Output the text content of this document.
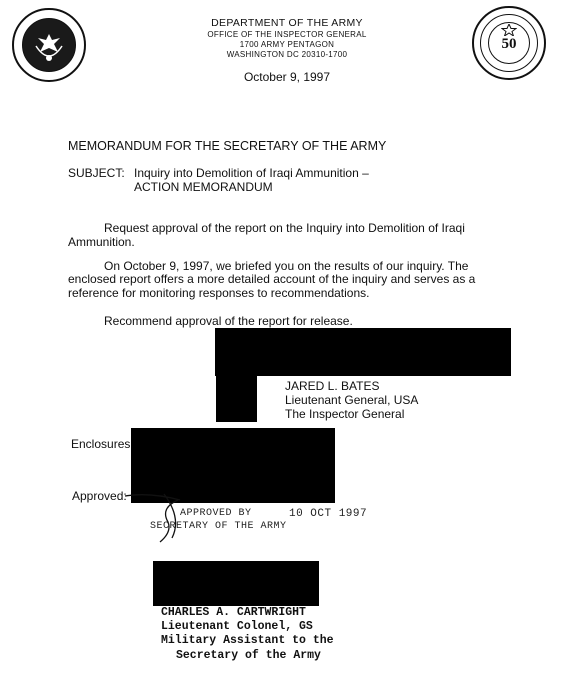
DEPARTMENT OF THE ARMY
OFFICE OF THE INSPECTOR GENERAL
1700 ARMY PENTAGON
WASHINGTON DC 20310-1700
October 9, 1997
50
MEMORANDUM FOR THE SECRETARY OF THE ARMY
SUBJECT: Inquiry into Demolition of Iraqi Ammunition –
ACTION MEMORANDUM
Request approval of the report on the Inquiry into Demolition of Iraqi
Ammunition.
On October 9, 1997, we briefed you on the results of our inquiry. The
enclosed report offers a more detailed account of the inquiry and serves as a
reference for monitoring responses to recommendations.
Recommend approval of the report for release.
JARED L. BATES
Lieutenant General, USA
The Inspector General
Enclosures
Approved:
APPROVED BY
SECRETARY OF THE ARMY
10 OCT 1997
CHARLES A. CARTWRIGHT
Lieutenant Colonel, GS
Military Assistant to the
Secretary of the Army
